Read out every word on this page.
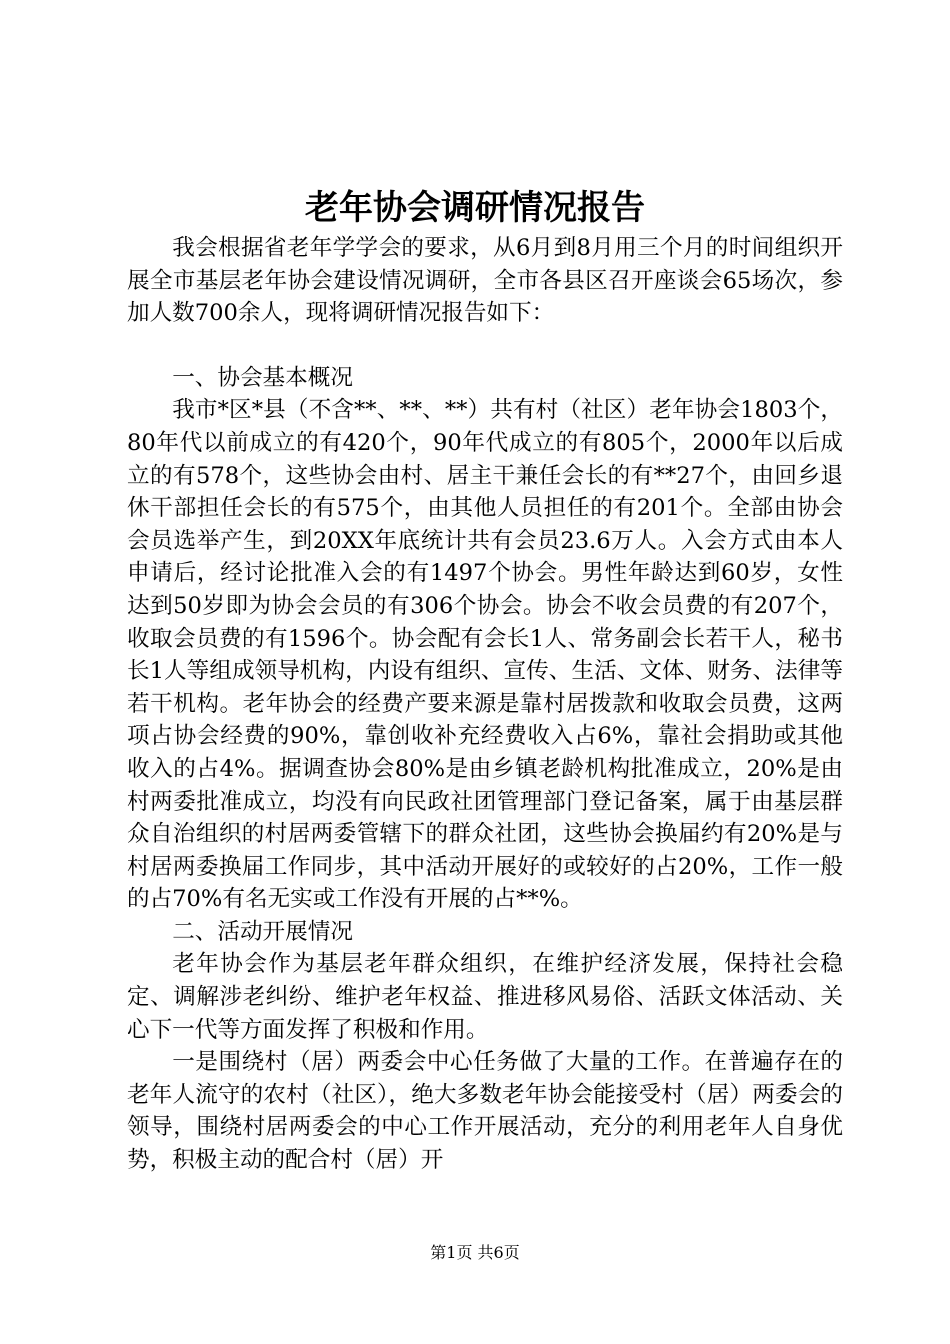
老年协会调研情况报告

我会根据省老年学学会的要求，从6月到8月用三个月的时间组织开展全市基层老年协会建设情况调研，全市各县区召开座谈会65场次，参加人数700余人，现将调研情况报告如下：

一、协会基本概况

我市*区*县（不含**、**、**）共有村（社区）老年协会1803个，80年代以前成立的有420个，90年代成立的有805个，2000年以后成立的有578个，这些协会由村、居主干兼任会长的有**27个，由回乡退休干部担任会长的有575个，由其他人员担任的有201个。全部由协会会员选举产生，到20XX年底统计共有会员23.6万人。入会方式由本人申请后，经讨论批准入会的有1497个协会。男性年龄达到60岁，女性达到50岁即为协会会员的有306个协会。协会不收会员费的有207个，收取会员费的有1596个。协会配有会长1人、常务副会长若干人，秘书长1人等组成领导机构，内设有组织、宣传、生活、文体、财务、法律等若干机构。老年协会的经费产要来源是靠村居拨款和收取会员费，这两项占协会经费的90%，靠创收补充经费收入占6%，靠社会捐助或其他收入的占4%。据调查协会80%是由乡镇老龄机构批准成立，20%是由村两委批准成立，均没有向民政社团管理部门登记备案，属于由基层群众自治组织的村居两委管辖下的群众社团，这些协会换届约有20%是与村居两委换届工作同步，其中活动开展好的或较好的占20%，工作一般的占70%有名无实或工作没有开展的占**%。

二、活动开展情况

老年协会作为基层老年群众组织，在维护经济发展，保持社会稳定、调解涉老纠纷、维护老年权益、推进移风易俗、活跃文体活动、关心下一代等方面发挥了积极和作用。

一是围绕村（居）两委会中心任务做了大量的工作。在普遍存在的老年人流守的农村（社区），绝大多数老年协会能接受村（居）两委会的领导，围绕村居两委会的中心工作开展活动，充分的利用老年人自身优势，积极主动的配合村（居）开

第1页 共6页
